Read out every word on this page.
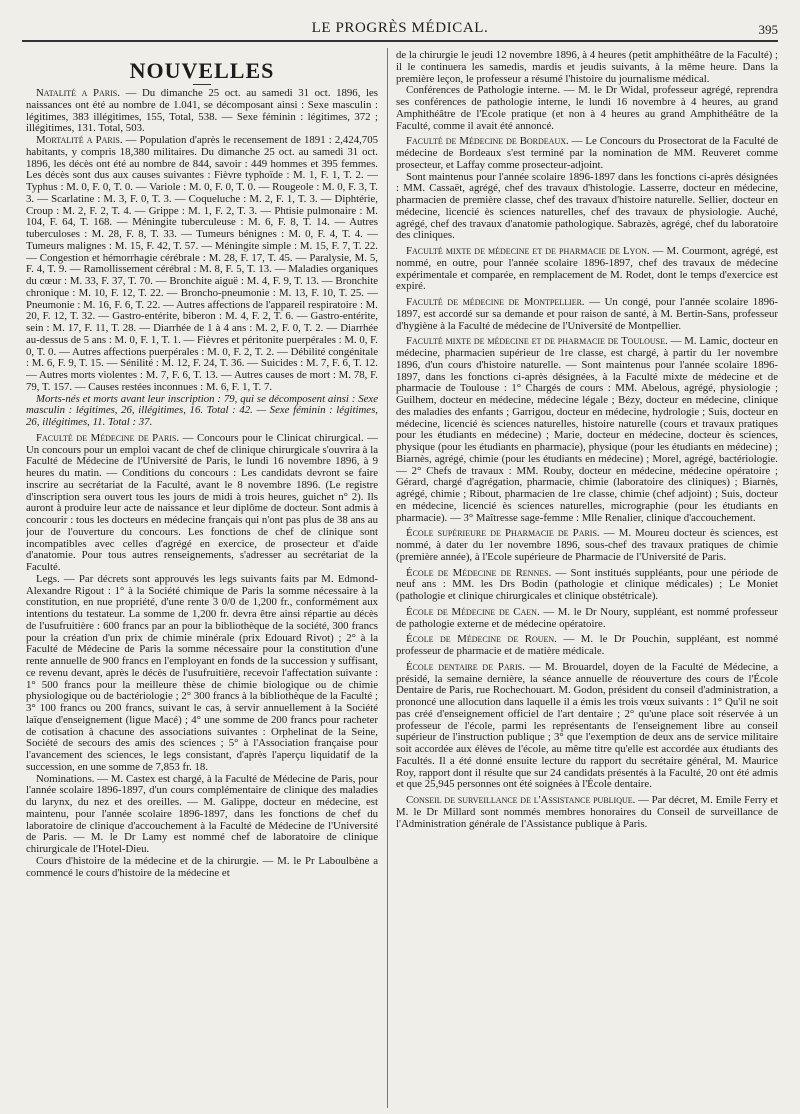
LE PROGRÈS MÉDICAL.	395
NOUVELLES

Natalité a Paris. — Du dimanche 25 oct. au samedi 31 oct. 1896, les naissances ont été au nombre de 1.041, se décomposant ainsi : Sexe masculin : légitimes, 383 illégitimes, 155, Total, 538. — Sexe féminin : légitimes, 372 ; illégitimes, 131. Total, 503.

Mortalité a Paris. — Population d'après le recensement de 1891 : 2,424,705 habitants, y compris 18,380 militaires. Du dimanche 25 oct. au samedi 31 oct. 1896, les décès ont été au nombre de 844, savoir : 449 hommes et 395 femmes. Les décès sont dus aux causes suivantes : Fièvre typhoïde : M. 1, F. 1, T. 2. — Typhus : M. 0, F. 0, T. 0. — Variole : M. 0, F. 0, T. 0. — Rougeole : M. 0, F. 3, T. 3. — Scarlatine : M. 3, F. 0, T. 3. — Coqueluche : M. 2, F. 1, T. 3. — Diphtérie, Croup : M. 2, F. 2, T. 4. — Grippe : M. 1, F. 2, T. 3. — Phtisie pulmonaire : M. 104, F. 64, T. 168. — Méningite tuberculeuse : M. 6, F. 8, T. 14. — Autres tuberculoses : M. 28, F. 8, T. 33. — Tumeurs bénignes : M. 0, F. 4, T. 4. — Tumeurs malignes : M. 15, F. 42, T. 57. — Méningite simple : M. 15, F. 7, T. 22. — Congestion et hémorrhagie cérébrale : M. 28, F. 17, T. 45. — Paralysie, M. 5, F. 4, T. 9. — Ramollissement cérébral : M. 8, F. 5, T. 13. — Maladies organiques du cœur : M. 33, F. 37, T. 70. — Bronchite aiguë : M. 4, F. 9, T. 13. — Bronchite chronique : M. 10, F. 12, T. 22. — Broncho-pneumonie : M. 13, F. 10, T. 25. — Pneumonie : M. 16, F. 6, T. 22. — Autres affections de l'appareil respiratoire : M. 20, F. 12, T. 32. — Gastro-entérite, biberon : M. 4, F. 2, T. 6. — Gastro-entérite, sein : M. 17, F. 11, T. 28. — Diarrhée de 1 à 4 ans : M. 2, F. 0, T. 2. — Diarrhée au-dessus de 5 ans : M. 0, F. 1, T. 1. — Fièvres et péritonite puerpérales : M. 0, F. 0, T. 0. — Autres affections puerpérales : M. 0, F. 2, T. 2. — Débilité congénitale : M. 6, F. 9, T. 15. — Sénilité : M. 12, F. 24, T. 36. — Suicides : M. 7, F. 6, T. 12. — Autres morts violentes : M. 7, F. 6, T. 13. — Autres causes de mort : M. 78, F. 79, T. 157. — Causes restées inconnues : M. 6, F. 1, T. 7.

Morts-nés et morts avant leur inscription : 79, qui se décomposent ainsi : Sexe masculin : légitimes, 26, illégitimes, 16. Total : 42. — Sexe féminin : légitimes, 26, illégitimes, 11. Total : 37.

Faculté de Médecine de Paris. — Concours pour le Clinicat chirurgical. — Un concours pour un emploi vacant de chef de clinique chirurgicale s'ouvrira à la Faculté de Médecine de l'Université de Paris, le lundi 16 novembre 1896, à 9 heures du matin. — Conditions du concours : Les candidats devront se faire inscrire au secrétariat de la Faculté, avant le 8 novembre 1896. (Le registre d'inscription sera ouvert tous les jours de midi à trois heures, guichet n° 2). Ils auront à produire leur acte de naissance et leur diplôme de docteur. Sont admis à concourir : tous les docteurs en médecine français qui n'ont pas plus de 38 ans au jour de l'ouverture du concours. Les fonctions de chef de clinique sont incompatibles avec celles d'agrégé en exercice, de prosecteur et d'aide d'anatomie. Pour tous autres renseignements, s'adresser au secrétariat de la Faculté.

Legs. — Par décrets sont approuvés les legs suivants faits par M. Edmond-Alexandre Rigout : 1° à la Société chimique de Paris la somme nécessaire à la constitution, en nue propriété, d'une rente 3 0/0 de 1,200 fr., conformément aux intentions du testateur. La somme de 1,200 fr. devra être ainsi répartie au décès de l'usufruitière : 600 francs par an pour la bibliothèque de la société, 300 francs pour la création d'un prix de chimie minérale (prix Edouard Rivot) ; 2° à la Faculté de Médecine de Paris la somme nécessaire pour la constitution d'une rente annuelle de 900 francs en l'employant en fonds de la succession y suffisant, ce revenu devant, après le décès de l'usufruitière, recevoir l'affectation suivante : 1° 500 francs pour la meilleure thèse de chimie biologique ou de chimie physiologique ou de bactériologie ; 2° 300 francs à la bibliothèque de la Faculté ; 3° 100 francs ou 200 francs, suivant le cas, à servir annuellement à la Société laïque d'enseignement (ligue Macé) ; 4° une somme de 200 francs pour racheter de cotisation à chacune des associations suivantes : Orphelinat de la Seine, Société de secours des amis des sciences ; 5° à l'Association française pour l'avancement des sciences, le legs consistant, d'après l'aperçu liquidatif de la succession, en une somme de 7,853 fr. 18.

Nominations. — M. Castex est chargé, à la Faculté de Médecine de Paris, pour l'année scolaire 1896-1897, d'un cours complémentaire de clinique des maladies du larynx, du nez et des oreilles. — M. Galippe, docteur en médecine, est maintenu, pour l'année scolaire 1896-1897, dans les fonctions de chef du laboratoire de clinique d'accouchement à la Faculté de Médecine de l'Université de Paris. — M. le Dr Lamy est nommé chef de laboratoire de clinique chirurgicale de l'Hotel-Dieu.

Cours d'histoire de la médecine et de la chirurgie. — M. le Pr Laboulbène a commencé le cours d'histoire de la médecine et

de la chirurgie le jeudi 12 novembre 1896, à 4 heures (petit amphithéâtre de la Faculté) ; il le continuera les samedis, mardis et jeudis suivants, à la même heure. Dans la première leçon, le professeur a résumé l'histoire du journalisme médical.

Conférences de Pathologie interne. — M. le Dr Widal, professeur agrégé, reprendra ses conférences de pathologie interne, le lundi 16 novembre à 4 heures, au grand Amphithéâtre de l'Ecole pratique (et non à 4 heures au grand Amphithéâtre de la Faculté, comme il avait été annoncé.

Faculté de Médecine de Bordeaux. — Le Concours du Prosectorat de la Faculté de médecine de Bordeaux s'est terminé par la nomination de MM. Reuveret comme prosecteur, et Laffay comme prosecteur-adjoint.

Sont maintenus pour l'année scolaire 1896-1897 dans les fonctions ci-après désignées : MM. Cassaët, agrégé, chef des travaux d'histologie. Lasserre, docteur en médecine, pharmacien de première classe, chef des travaux d'histoire naturelle. Sellier, docteur en médecine, licencié ès sciences naturelles, chef des travaux de physiologie. Auché, agrégé, chef des travaux d'anatomie pathologique. Sabrazès, agrégé, chef du laboratoire des cliniques.

Faculté mixte de médecine et de pharmacie de Lyon. — M. Courmont, agrégé, est nommé, en outre, pour l'année scolaire 1896-1897, chef des travaux de médecine expérimentale et comparée, en remplacement de M. Rodet, dont le temps d'exercice est expiré.

Faculté de médecine de Montpellier. — Un congé, pour l'année scolaire 1896-1897, est accordé sur sa demande et pour raison de santé, à M. Bertin-Sans, professeur d'hygiène à la Faculté de médecine de l'Université de Montpellier.

Faculté mixte de médecine et de pharmacie de Toulouse. — M. Lamic, docteur en médecine, pharmacien supérieur de 1re classe, est chargé, à partir du 1er novembre 1896, d'un cours d'histoire naturelle. — Sont maintenus pour l'année scolaire 1896-1897, dans les fonctions ci-après désignées, à la Faculté mixte de médecine et de pharmacie de Toulouse : 1° Chargés de cours : MM. Abelous, agrégé, physiologie ; Guilhem, docteur en médecine, médecine légale ; Bézy, docteur en médecine, clinique des maladies des enfants ; Garrigou, docteur en médecine, hydrologie ; Suis, docteur en médecine, licencié ès sciences naturelles, histoire naturelle (cours et travaux pratiques pour les étudiants en médecine) ; Marie, docteur en médecine, docteur ès sciences, physique (pour les étudiants en pharmacie), physique (pour les étudiants en médecine) ; Biarnès, agrégé, chimie (pour les étudiants en médecine) ; Morel, agrégé, bactériologie. — 2° Chefs de travaux : MM. Rouby, docteur en médecine, médecine opératoire ; Gérard, chargé d'agrégation, pharmacie, chimie (laboratoire des cliniques) ; Biarnès, agrégé, chimie ; Ribout, pharmacien de 1re classe, chimie (chef adjoint) ; Suis, docteur en médecine, licencié ès sciences naturelles, micrographie (pour les étudiants en pharmacie). — 3° Maîtresse sage-femme : Mlle Renalier, clinique d'accouchement.

École supérieure de Pharmacie de Paris. — M. Moureu docteur ès sciences, est nommé, à dater du 1er novembre 1896, sous-chef des travaux pratiques de chimie (première année), à l'Ecole supérieure de Pharmacie de l'Université de Paris.

École de Médecine de Rennes. — Sont institués suppléants, pour une période de neuf ans : MM. les Drs Bodin (pathologie et clinique médicales) ; Le Moniet (pathologie et clinique chirurgicales et clinique obstétricale).

École de Médecine de Caen. — M. le Dr Noury, suppléant, est nommé professeur de pathologie externe et de médecine opératoire.

École de Médecine de Rouen. — M. le Dr Pouchin, suppléant, est nommé professeur de pharmacie et de matière médicale.

École dentaire de Paris. — M. Brouardel, doyen de la Faculté de Médecine, a présidé, la semaine dernière, la séance annuelle de réouverture des cours de l'École Dentaire de Paris, rue Rochechouart. M. Godon, président du conseil d'administration, a prononcé une allocution dans laquelle il a émis les trois vœux suivants : 1° Qu'il ne soit pas créé d'enseignement officiel de l'art dentaire ; 2° qu'une place soit réservée à un professeur de l'école, parmi les représentants de l'enseignement libre au conseil supérieur de l'instruction publique ; 3° que l'exemption de deux ans de service militaire soit accordée aux élèves de l'école, au même titre qu'elle est accordée aux étudiants des Facultés. Il a été donné ensuite lecture du rapport du secrétaire général, M. Maurice Roy, rapport dont il résulte que sur 24 candidats présentés à la Faculté, 20 ont été admis et que 25,945 personnes ont été soignées à l'École dentaire.

Conseil de surveillance de l'Assistance publique. — Par décret, M. Emile Ferry et M. le Dr Millard sont nommés membres honoraires du Conseil de surveillance de l'Administration générale de l'Assistance publique à Paris.
